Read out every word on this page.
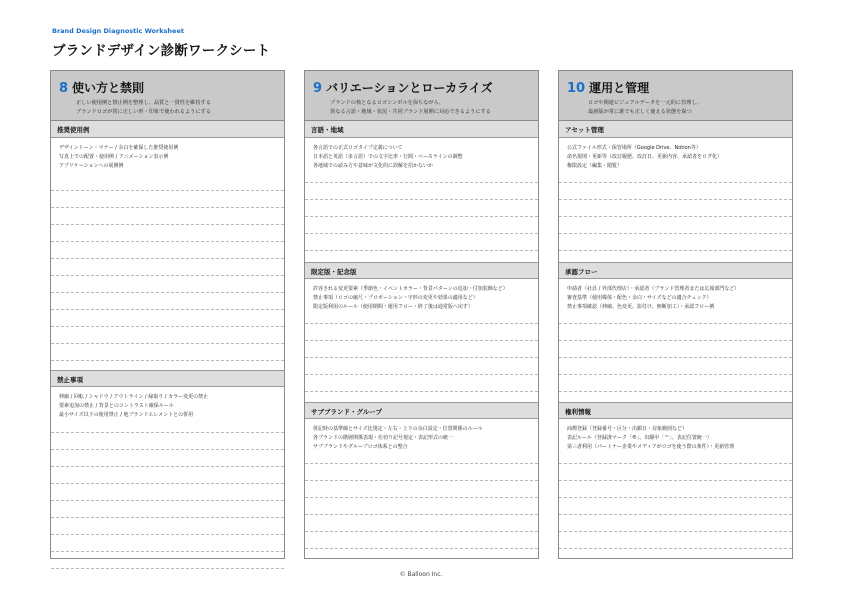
Brand Design Diagnostic Worksheet
ブランドデザイン診断ワークシート
8 使い方と禁則
正しい使用例と禁止例を整理し、品質と一貫性を維持する
ブランドロゴが常に正しい形・印象で使われるようにする
推奨使用例
デザイントーン・マナー / 余白を確保した推奨使用例
写真上での配置・使用例 / アニメーション表示例
アプリケーションへの展開例
禁止事項
伸縮 / 回転 / シャドウ / アウトライン / 縁取り / カラー変更の禁止
要素追加の禁止 / 背景とのコントラスト確保ルール
最小サイズ以下の使用禁止 / 他ブランドエレメントとの併用
9 バリエーションとローカライズ
ブランドの核となるロゴシンボルを保ちながら、
異なる言語・地域・状況・共同ブランド展開に対応できるようにする
言語・地域
各言語での正式ロゴタイプ定義について
日本語と英語（多言語）での文字比率・行間・ベースラインの調整
各地域での読み方や意味が文化的に誤解を招かないか
限定版・記念版
許容される変更要素（季節色・イベントカラー・背景パターンの追加・付加装飾など）
禁止事項（ロゴの縮尺・プロポーション・字形の変更や効果の適用など）
限定版利用のルール（使用期間・運用フロー・終了後は通常版へ戻す）
サブブランド・グループ
併記時の基準線とサイズ比規定・左右・上下の余白設定・位置関係のルール
各ブランドの階層関係表現・仕切り記号規定・表記形式の統一
サブブランドやグループロゴ体系との整合
10 運用と管理
ロゴや関連ビジュアルデータを一元的に管理し、
最新版が常に誰でも正しく使える状態を保つ
アセット管理
公式ファイル形式・保管場所（Google Drive、Notion等）
命名規則・更新等（改訂履歴、改訂日、更新内容、承認者をログ化）
権限設定（編集・閲覧）
承認フロー
申請者（社員 / 外部代理店）・承認者（ブランド管理者または広報部門など）
審査基準（使用媒体・配色・余白・サイズなどの適合チェック）
禁止事項確認（伸縮、色変更、影付け、無断加工）・承認フロー例
権利情報
商標登録（登録番号・区分・出願日・対象範囲など）
表記ルール（登録済マーク「®」、出願中「™」、表記位置統一）
第三者利用（パートナー企業やメディアがロゴを使う際の条件）・更新管理
© Balloon Inc.
